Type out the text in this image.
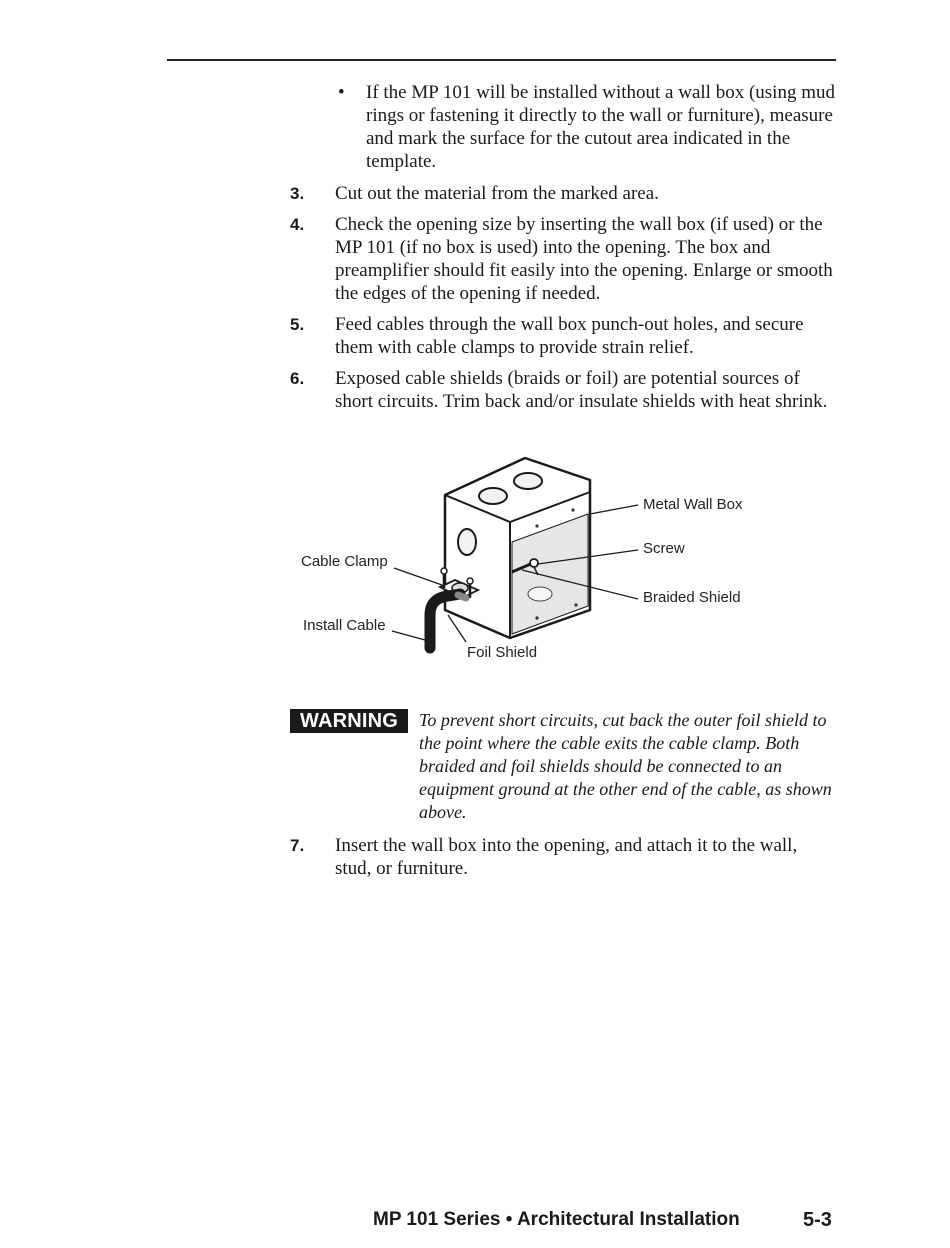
• If the MP 101 will be installed without a wall box (using mud rings or fastening it directly to the wall or furniture), measure and mark the surface for the cutout area indicated in the template.
3. Cut out the material from the marked area.
4. Check the opening size by inserting the wall box (if used) or the MP 101 (if no box is used) into the opening. The box and preamplifier should fit easily into the opening. Enlarge or smooth the edges of the opening if needed.
5. Feed cables through the wall box punch-out holes, and secure them with cable clamps to provide strain relief.
6. Exposed cable shields (braids or foil) are potential sources of short circuits. Trim back and/or insulate shields with heat shrink.
Metal Wall Box
Screw
Braided Shield
Cable Clamp
Install Cable
Foil Shield
WARNING	To prevent short circuits, cut back the outer foil shield to the point where the cable exits the cable clamp. Both braided and foil shields should be connected to an equipment ground at the other end of the cable, as shown above.
7. Insert the wall box into the opening, and attach it to the wall, stud, or furniture.
MP 101 Series • Architectural Installation	5-3
